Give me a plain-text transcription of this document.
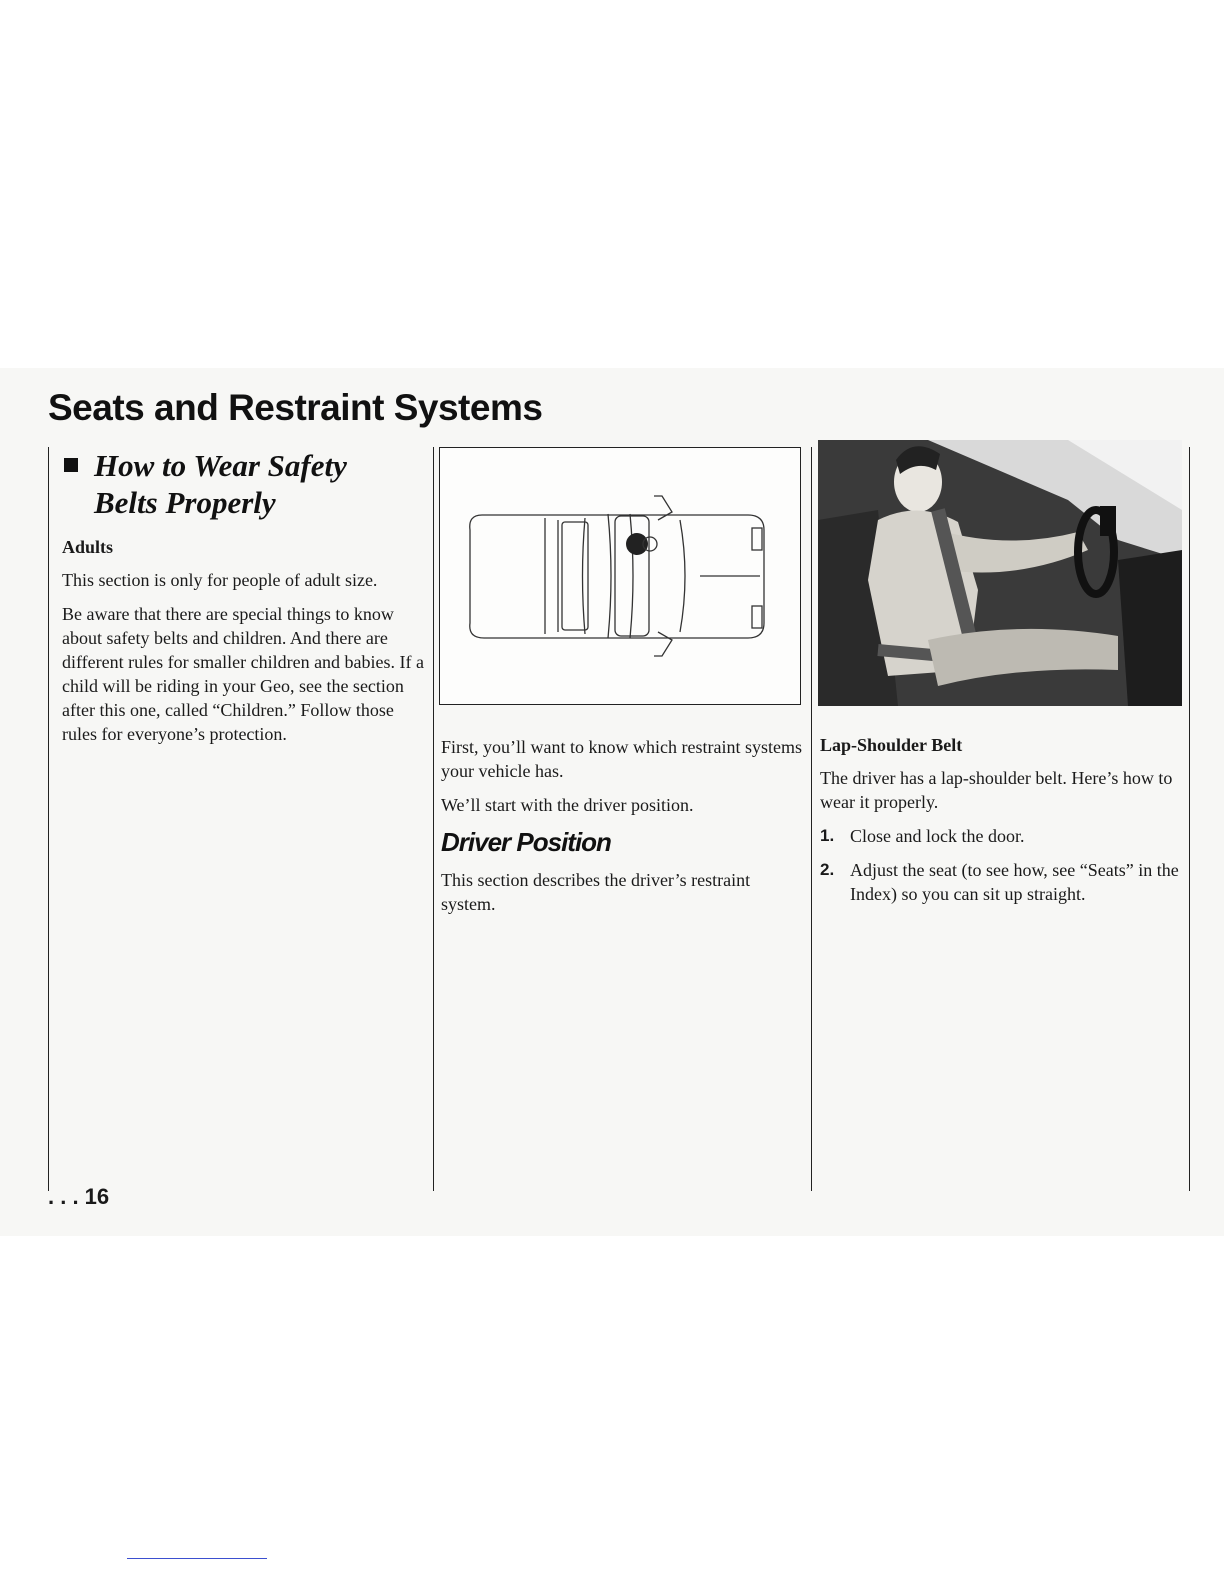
Seats and Restraint Systems
How to Wear Safety
Belts Properly
Adults

This section is only for people of adult size.

Be aware that there are special things to know about safety belts and children. And there are different rules for smaller children and babies. If a child will be riding in your Geo, see the section after this one, called “Children.” Follow those rules for everyone’s protection.

First, you’ll want to know which restraint systems your vehicle has.

We’ll start with the driver position.

Driver Position

This section describes the driver’s restraint system.

Lap-Shoulder Belt

The driver has a lap-shoulder belt. Here’s how to wear it properly.

1. Close and lock the door.
2. Adjust the seat (to see how, see “Seats” in the Index) so you can sit up straight.
. . . 16
